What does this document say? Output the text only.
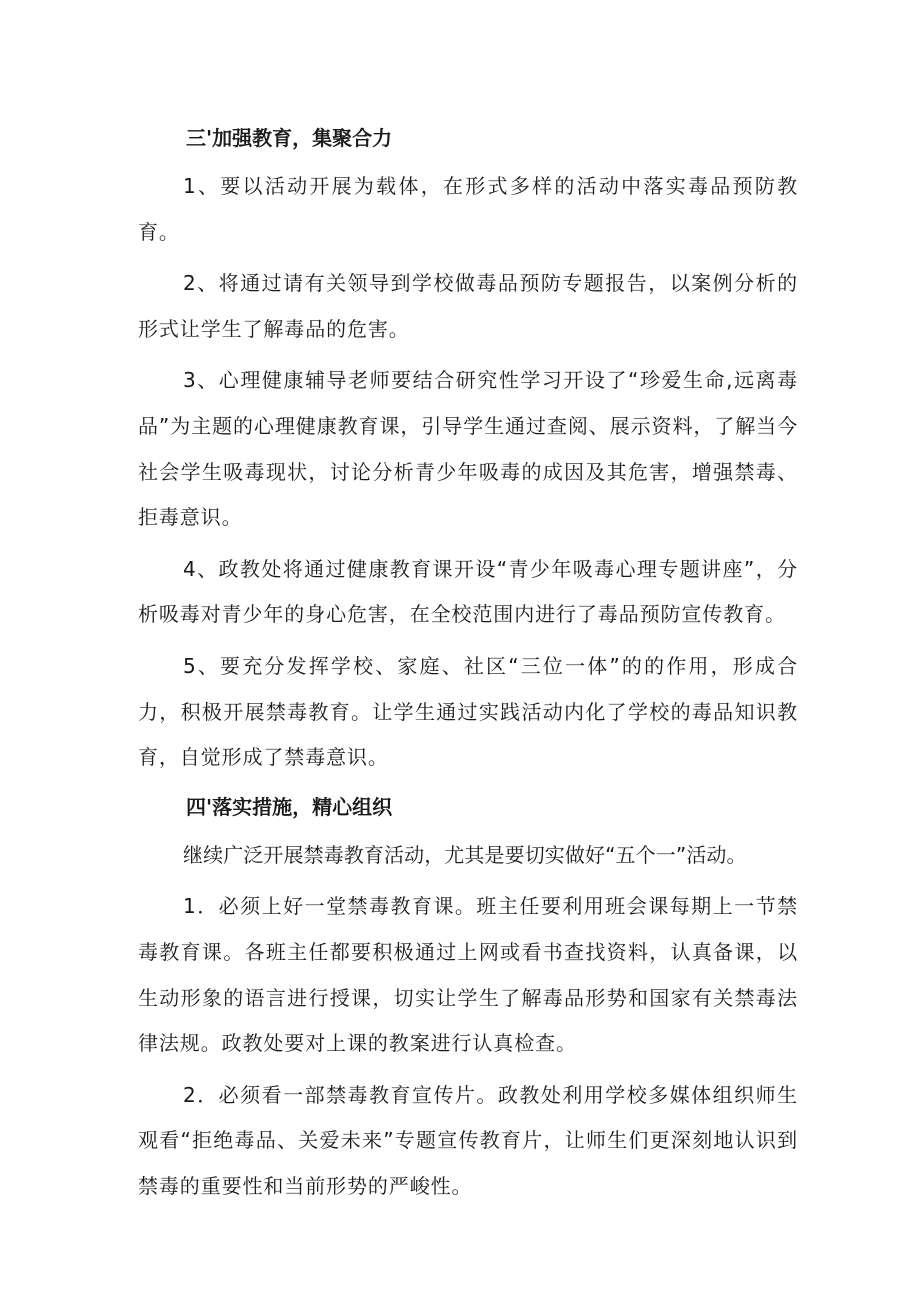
三'加强教育，集聚合力

1、要以活动开展为载体，在形式多样的活动中落实毒品预防教育。

2、将通过请有关领导到学校做毒品预防专题报告，以案例分析的形式让学生了解毒品的危害。

3、心理健康辅导老师要结合研究性学习开设了“珍爱生命,远离毒品”为主题的心理健康教育课，引导学生通过查阅、展示资料，了解当今社会学生吸毒现状，讨论分析青少年吸毒的成因及其危害，增强禁毒、拒毒意识。

4、政教处将通过健康教育课开设“青少年吸毒心理专题讲座”，分析吸毒对青少年的身心危害，在全校范围内进行了毒品预防宣传教育。

5、要充分发挥学校、家庭、社区“三位一体”的的作用，形成合力，积极开展禁毒教育。让学生通过实践活动内化了学校的毒品知识教育，自觉形成了禁毒意识。

四'落实措施，精心组织

继续广泛开展禁毒教育活动，尤其是要切实做好“五个一”活动。

1．必须上好一堂禁毒教育课。班主任要利用班会课每期上一节禁毒教育课。各班主任都要积极通过上网或看书查找资料，认真备课，以生动形象的语言进行授课，切实让学生了解毒品形势和国家有关禁毒法律法规。政教处要对上课的教案进行认真检查。

2．必须看一部禁毒教育宣传片。政教处利用学校多媒体组织师生观看“拒绝毒品、关爱未来”专题宣传教育片，让师生们更深刻地认识到禁毒的重要性和当前形势的严峻性。
